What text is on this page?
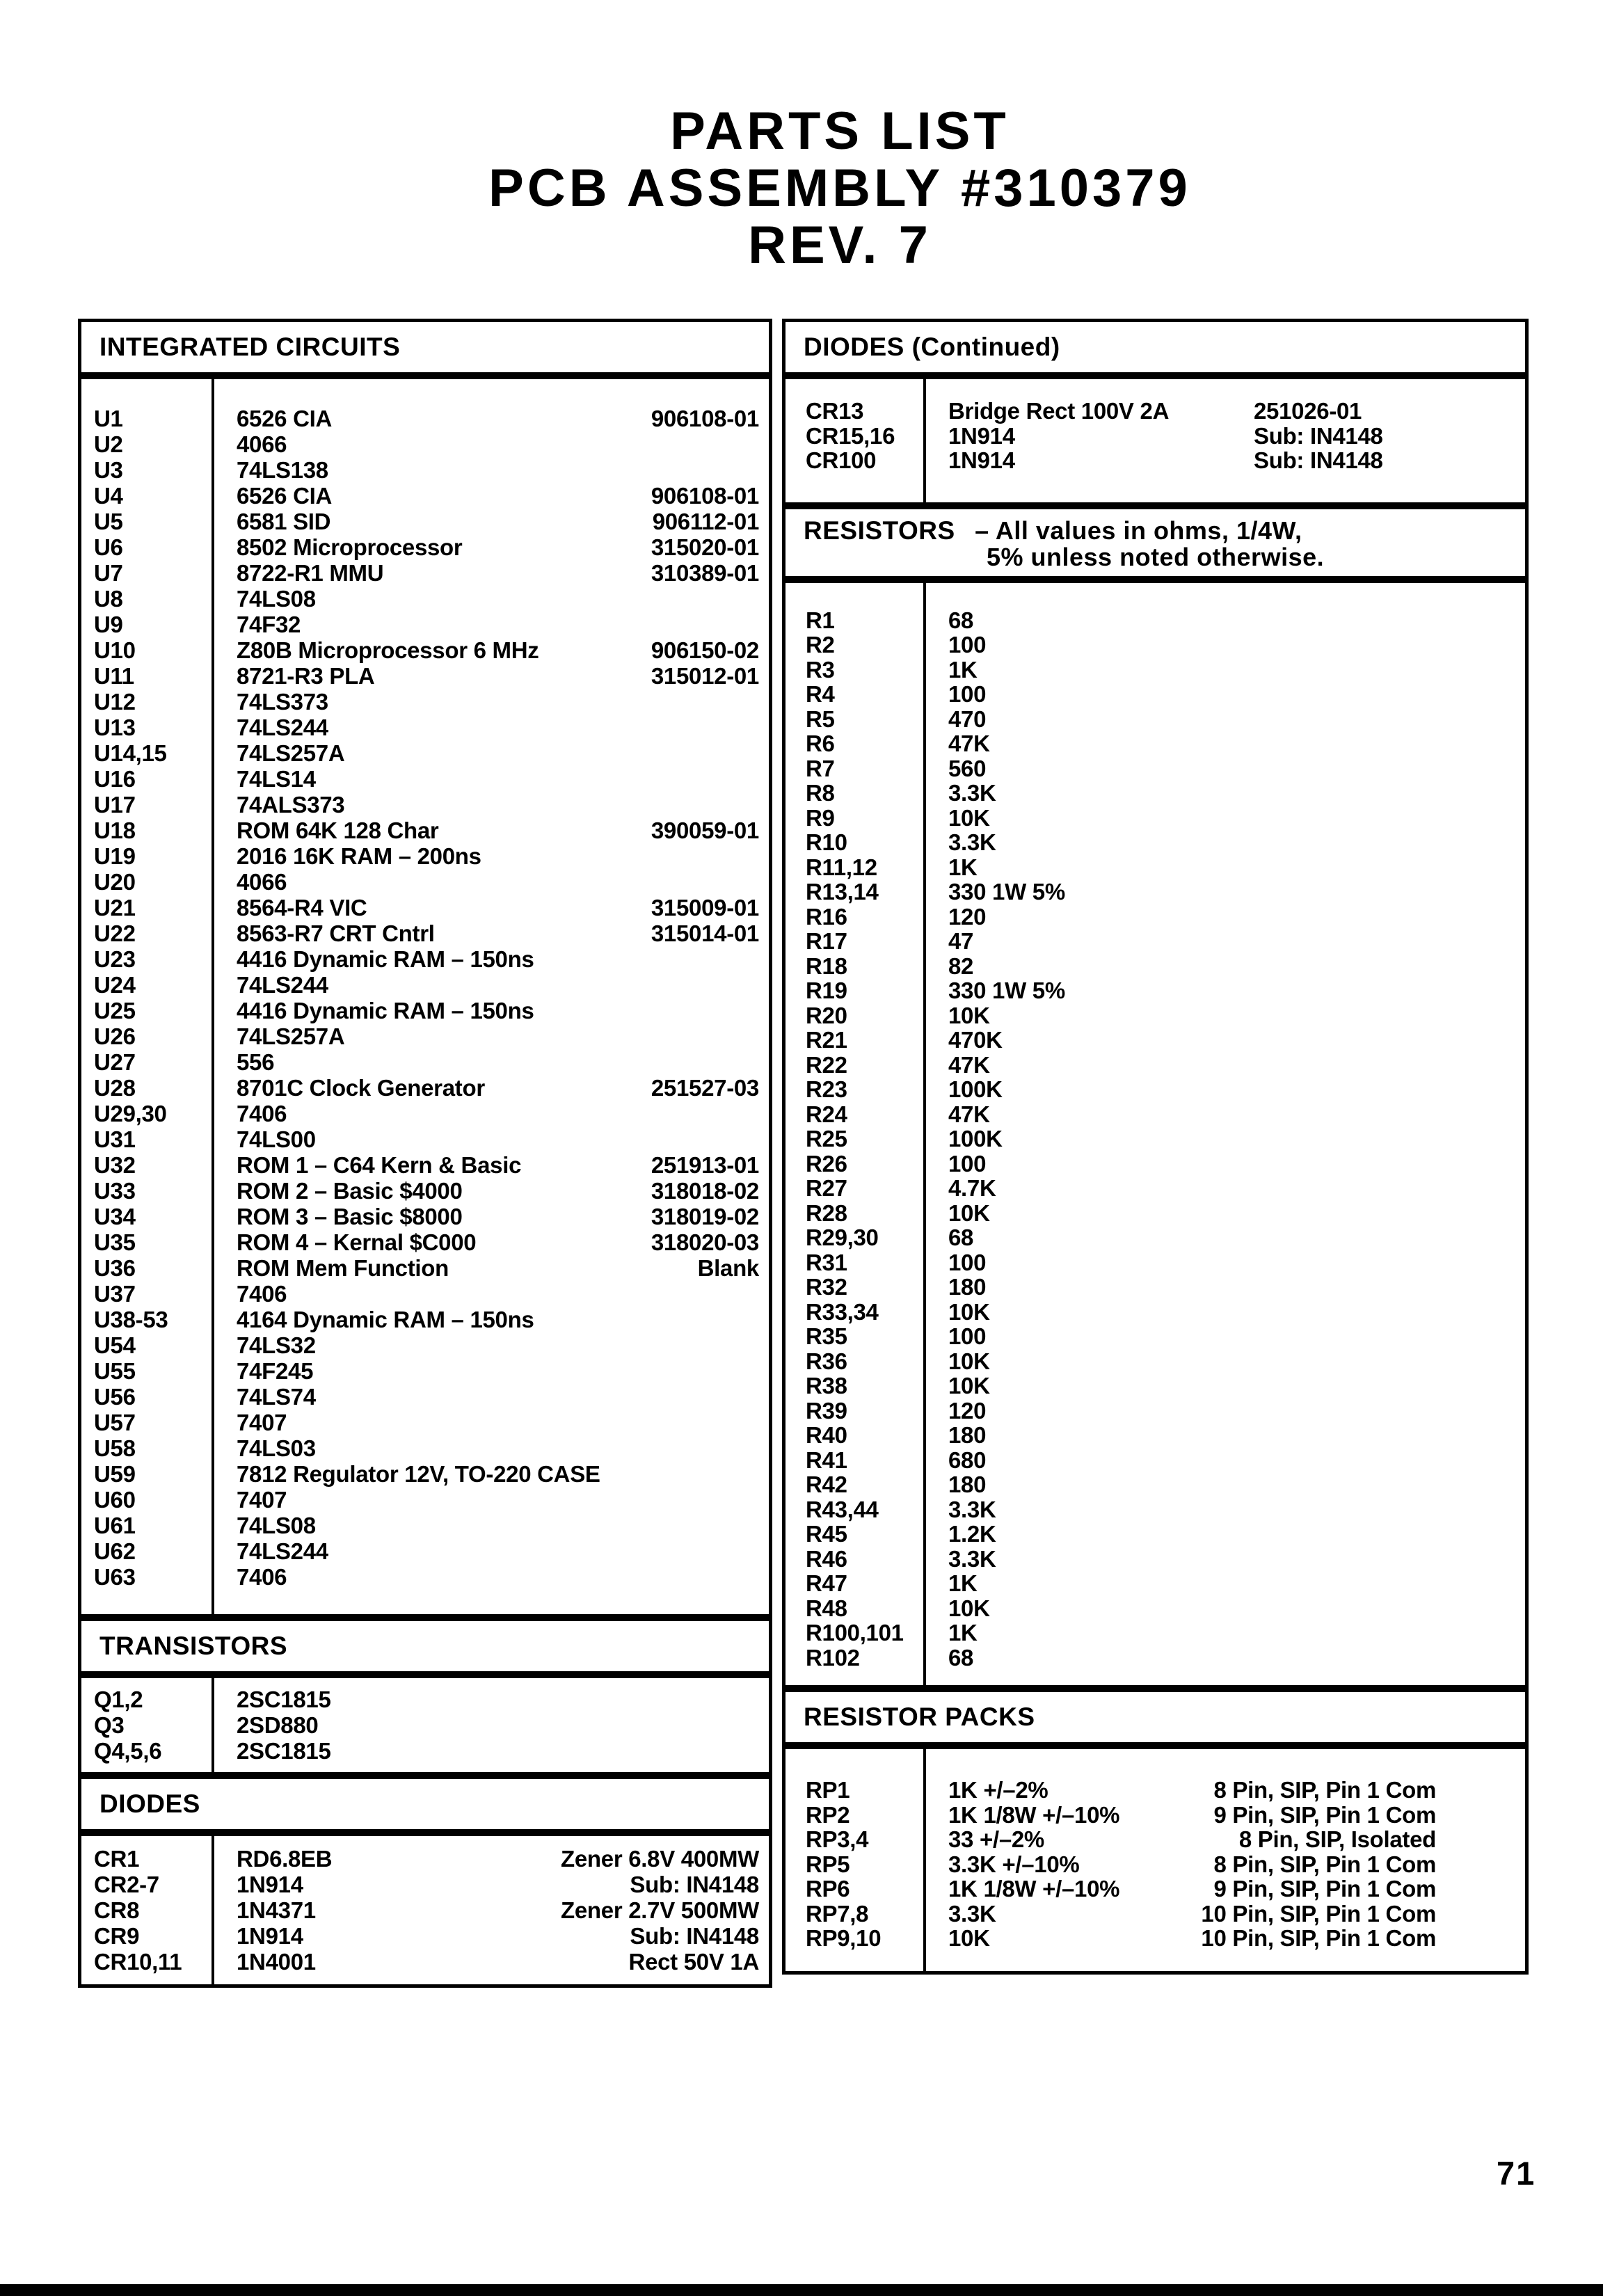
PARTS LIST
PCB ASSEMBLY #310379
REV. 7
INTEGRATED CIRCUITS
U1	6526 CIA	906108-01
U2	4066
U3	74LS138
U4	6526 CIA	906108-01
U5	6581 SID	906112-01
U6	8502 Microprocessor	315020-01
U7	8722-R1 MMU	310389-01
U8	74LS08
U9	74F32
U10	Z80B Microprocessor 6 MHz	906150-02
U11	8721-R3 PLA	315012-01
U12	74LS373
U13	74LS244
U14,15	74LS257A
U16	74LS14
U17	74ALS373
U18	ROM 64K 128 Char	390059-01
U19	2016 16K RAM – 200ns
U20	4066
U21	8564-R4 VIC	315009-01
U22	8563-R7 CRT Cntrl	315014-01
U23	4416 Dynamic RAM – 150ns
U24	74LS244
U25	4416 Dynamic RAM – 150ns
U26	74LS257A
U27	556
U28	8701C Clock Generator	251527-03
U29,30	7406
U31	74LS00
U32	ROM 1 – C64 Kern & Basic	251913-01
U33	ROM 2 – Basic $4000	318018-02
U34	ROM 3 – Basic $8000	318019-02
U35	ROM 4 – Kernal $C000	318020-03
U36	ROM Mem Function	Blank
U37	7406
U38-53	4164 Dynamic RAM – 150ns
U54	74LS32
U55	74F245
U56	74LS74
U57	7407
U58	74LS03
U59	7812 Regulator 12V, TO-220 CASE
U60	7407
U61	74LS08
U62	74LS244
U63	7406
TRANSISTORS
Q1,2	2SC1815
Q3	2SD880
Q4,5,6	2SC1815
DIODES
CR1	RD6.8EB	Zener 6.8V 400MW
CR2-7	1N914	Sub: IN4148
CR8	1N4371	Zener 2.7V 500MW
CR9	1N914	Sub: IN4148
CR10,11	1N4001	Rect 50V 1A
DIODES (Continued)
CR13	Bridge Rect 100V 2A	251026-01
CR15,16	1N914	Sub: IN4148
CR100	1N914	Sub: IN4148
RESISTORS – All values in ohms, 1/4W,
5% unless noted otherwise.
R1	68
R2	100
R3	1K
R4	100
R5	470
R6	47K
R7	560
R8	3.3K
R9	10K
R10	3.3K
R11,12	1K
R13,14	330 1W 5%
R16	120
R17	47
R18	82
R19	330 1W 5%
R20	10K
R21	470K
R22	47K
R23	100K
R24	47K
R25	100K
R26	100
R27	4.7K
R28	10K
R29,30	68
R31	100
R32	180
R33,34	10K
R35	100
R36	10K
R38	10K
R39	120
R40	180
R41	680
R42	180
R43,44	3.3K
R45	1.2K
R46	3.3K
R47	1K
R48	10K
R100,101	1K
R102	68
RESISTOR PACKS
RP1	1K +/–2%	8 Pin, SIP, Pin 1 Com
RP2	1K 1/8W +/–10%	9 Pin, SIP, Pin 1 Com
RP3,4	33 +/–2%	8 Pin, SIP, Isolated
RP5	3.3K +/–10%	8 Pin, SIP, Pin 1 Com
RP6	1K 1/8W +/–10%	9 Pin, SIP, Pin 1 Com
RP7,8	3.3K	10 Pin, SIP, Pin 1 Com
RP9,10	10K	10 Pin, SIP, Pin 1 Com
71
